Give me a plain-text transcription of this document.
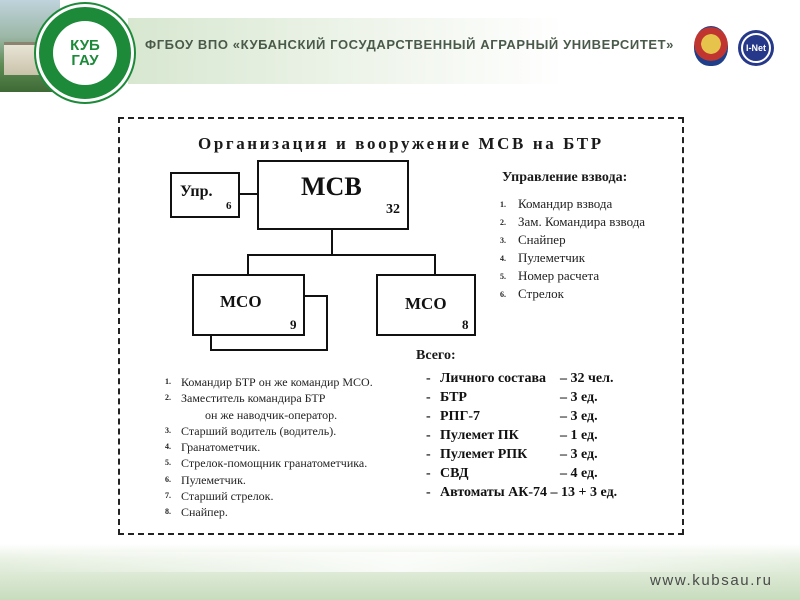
КУБ
ГАУ
ФГБОУ ВПО «КУБАНСКИЙ ГОСУДАРСТВЕННЫЙ АГРАРНЫЙ УНИВЕРСИТЕТ»	I-Net
Организация и вооружение МСВ на БТР
Упр.
6
МСВ
32
МСО
9
МСО
8
Управление взвода:
1. Командир взвода
2. Зам. Командира взвода
3. Снайпер
4. Пулеметчик
5. Номер расчета
6. Стрелок
1. Командир БТР он же командир МСО.
2. Заместитель командира БТР
он же наводчик-оператор.
3. Старший водитель (водитель).
4. Гранатометчик.
5. Стрелок-помощник гранатометчика.
6. Пулеметчик.
7. Старший стрелок.
8. Снайпер.
Всего:
- Личного состава – 32 чел.
- БТР	– 3 ед.
- РПГ-7	– 3 ед.
- Пулемет ПК	– 1 ед.
- Пулемет РПК – 3 ед.
- СВД	– 4 ед.
- Автоматы АК-74 – 13 + 3 ед.
www.kubsau.ru
